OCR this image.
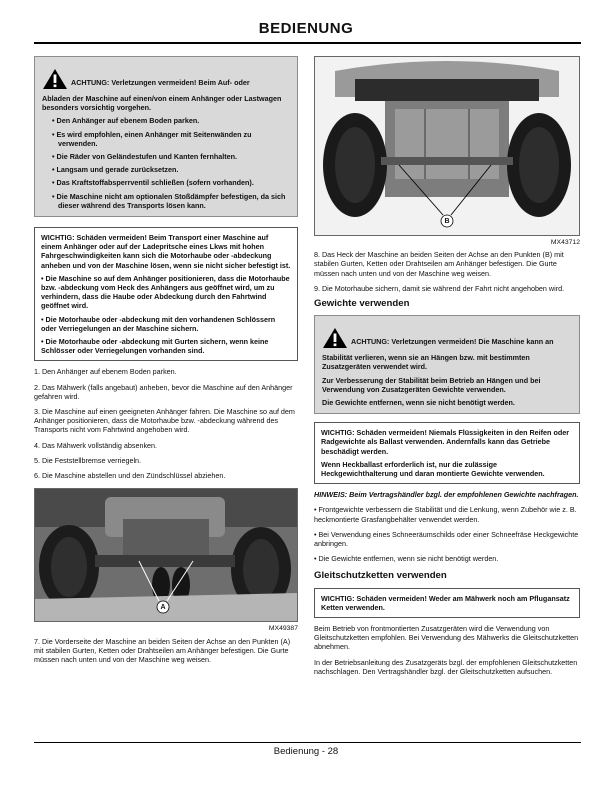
BEDIENUNG
ACHTUNG: Verletzungen vermeiden! Beim Auf- oder

Abladen der Maschine auf einen/von einem Anhänger oder Lastwagen besonders vorsichtig vorgehen.

• Den Anhänger auf ebenem Boden parken.

• Es wird empfohlen, einen Anhänger mit Seitenwänden zu verwenden.

• Die Räder von Geländestufen und Kanten fernhalten.

• Langsam und gerade zurücksetzen.

• Das Kraftstoffabsperrventil schließen (sofern vorhanden).

• Die Maschine nicht am optionalen Stoßdämpfer befestigen, da sich dieser während des Transports lösen kann.

WICHTIG: Schäden vermeiden! Beim Transport einer Maschine auf einem Anhänger oder auf der Ladepritsche eines Lkws mit hohen Fahrgeschwindigkeiten kann sich die Motorhaube oder -abdeckung anheben und von der Maschine lösen, wenn sie nicht sicher befestigt ist.

• Die Maschine so auf dem Anhänger positionieren, dass die Motorhaube bzw. -abdeckung vom Heck des Anhängers aus geöffnet wird, um zu verhindern, dass die Haube oder Abdeckung durch den Fahrtwind geöffnet wird.

• Die Motorhaube oder -abdeckung mit den vorhandenen Schlössern oder Verriegelungen an der Maschine sichern.

• Die Motorhaube oder -abdeckung mit Gurten sichern, wenn keine Schlösser oder Verriegelungen vorhanden sind.

1. Den Anhänger auf ebenem Boden parken.

2. Das Mähwerk (falls angebaut) anheben, bevor die Maschine auf den Anhänger gefahren wird.

3. Die Maschine auf einen geeigneten Anhänger fahren. Die Maschine so auf dem Anhänger positionieren, dass die Motorhaube bzw. -abdeckung während des Transports nicht vom Fahrtwind angehoben wird.

4. Das Mähwerk vollständig absenken.

5. Die Feststellbremse verriegeln.

6. Die Maschine abstellen und den Zündschlüssel abziehen.

A
MX49387

7. Die Vorderseite der Maschine an beiden Seiten der Achse an den Punkten (A) mit stabilen Gurten, Ketten oder Drahtseilen am Anhänger befestigen. Die Gurte müssen nach unten und von der Maschine weg weisen.

B
MX43712

8. Das Heck der Maschine an beiden Seiten der Achse an den Punkten (B) mit stabilen Gurten, Ketten oder Drahtseilen am Anhänger befestigen. Die Gurte müssen nach unten und von der Maschine weg weisen.

9. Die Motorhaube sichern, damit sie während der Fahrt nicht angehoben wird.

Gewichte verwenden
ACHTUNG: Verletzungen vermeiden! Die Maschine kann an

Stabilität verlieren, wenn sie an Hängen bzw. mit bestimmten Zusatzgeräten verwendet wird.

Zur Verbesserung der Stabilität beim Betrieb an Hängen und bei Verwendung von Zusatzgeräten Gewichte verwenden.

Die Gewichte entfernen, wenn sie nicht benötigt werden.

WICHTIG: Schäden vermeiden! Niemals Flüssigkeiten in den Reifen oder Radgewichte als Ballast verwenden. Andernfalls kann das Getriebe beschädigt werden.

Wenn Heckballast erforderlich ist, nur die zulässige Heckgewichthalterung und daran montierte Gewichte verwenden.

HINWEIS: Beim Vertragshändler bzgl. der empfohlenen Gewichte nachfragen.

• Frontgewichte verbessern die Stabilität und die Lenkung, wenn Zubehör wie z. B. heckmontierte Grasfangbehälter verwendet werden.

• Bei Verwendung eines Schneeräumschilds oder einer Schneefräse Heckgewichte anbringen.

• Die Gewichte entfernen, wenn sie nicht benötigt werden.

Gleitschutzketten verwenden

WICHTIG: Schäden vermeiden! Weder am Mähwerk noch am Pflugansatz Ketten verwenden.

Beim Betrieb von frontmontierten Zusatzgeräten wird die Verwendung von Gleitschutzketten empfohlen. Bei Verwendung des Mähwerks die Gleitschutzketten abnehmen.

In der Betriebsanleitung des Zusatzgeräts bzgl. der empfohlenen Gleitschutzketten nachschlagen. Den Vertragshändler bzgl. der Gleitschutzketten aufsuchen.

Bedienung - 28
